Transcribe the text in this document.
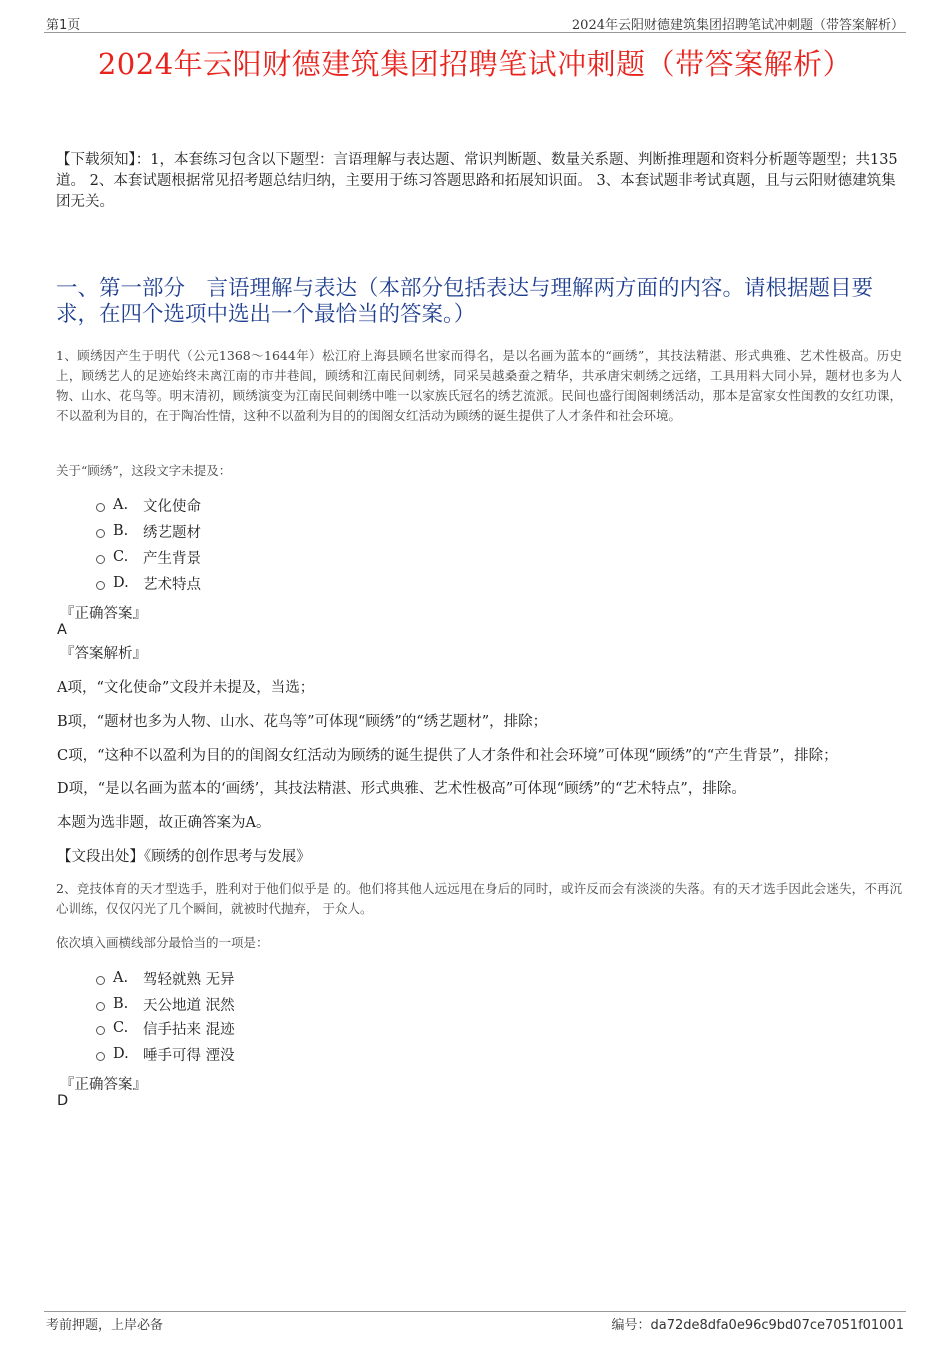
第1页	2024年云阳财德建筑集团招聘笔试冲刺题（带答案解析）
2024年云阳财德建筑集团招聘笔试冲刺题（带答案解析）
【下载须知】：1，本套练习包含以下题型：言语理解与表达题、常识判断题、数量关系题、判断推理题和资料分析题等题型；共135道。 2、本套试题根据常见招考题总结归纳，主要用于练习答题思路和拓展知识面。 3、本套试题非考试真题，且与云阳财德建筑集团无关。
一、第一部分　言语理解与表达（本部分包括表达与理解两方面的内容。请根据题目要求，在四个选项中选出一个最恰当的答案。）
1、顾绣因产生于明代（公元1368～1644年）松江府上海县顾名世家而得名，是以名画为蓝本的“画绣”，其技法精湛、形式典雅、艺术性极高。历史上，顾绣艺人的足迹始终未离江南的市井巷闾，顾绣和江南民间刺绣，同采吴越桑蚕之精华，共承唐宋刺绣之远绪，工具用料大同小异，题材也多为人物、山水、花鸟等。明末清初，顾绣演变为江南民间刺绣中唯一以家族氏冠名的绣艺流派。民间也盛行闺阁刺绣活动，那本是富家女性闺教的女红功课，不以盈利为目的，在于陶冶性情，这种不以盈利为目的的闺阁女红活动为顾绣的诞生提供了人才条件和社会环境。
关于“顾绣”，这段文字未提及：
A.	文化使命
B.	绣艺题材
C.	产生背景
D. 艺术特点
『正确答案』
A
『答案解析』
A项，“文化使命”文段并未提及，当选；
B项，“题材也多为人物、山水、花鸟等”可体现“顾绣”的“绣艺题材”，排除；
C项，“这种不以盈利为目的的闺阁女红活动为顾绣的诞生提供了人才条件和社会环境”可体现“顾绣”的“产生背景”，排除；
D项，“是以名画为蓝本的‘画绣’，其技法精湛、形式典雅、艺术性极高”可体现“顾绣”的“艺术特点”，排除。
本题为选非题，故正确答案为A。
【文段出处】《顾绣的创作思考与发展》
2、竞技体育的天才型选手，胜利对于他们似乎是 的。他们将其他人远远甩在身后的同时，或许反而会有淡淡的失落。有的天才选手因此会迷失，不再沉心训练，仅仅闪光了几个瞬间，就被时代抛弃， 于众人。
依次填入画横线部分最恰当的一项是：
A.	驾轻就熟 无异
B.	天公地道 泯然
C.	信手拈来 混迹
D. 唾手可得 湮没
『正确答案』
D
考前押题，上岸必备	编号：da72de8dfa0e96c9bd07ce7051f01001
